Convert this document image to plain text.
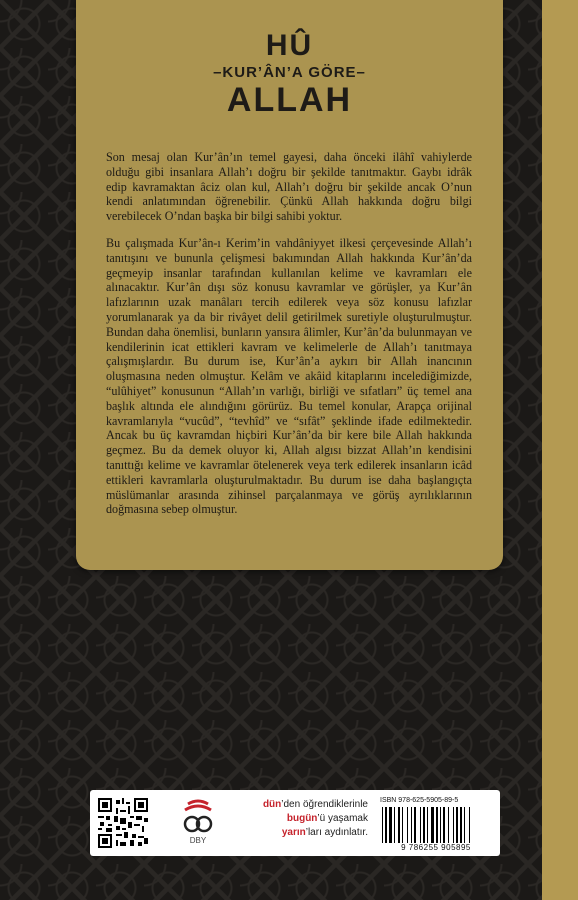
HÛ
–KUR’ÂN’A GÖRE–
ALLAH

Son mesaj olan Kur’ân’ın temel gayesi, daha önceki ilâhî vahiylerde olduğu gibi insanlara Allah’ı doğru bir şekilde tanıtmaktır. Gaybı idrâk edip kavramaktan âciz olan kul, Allah’ı doğru bir şekilde ancak O’nun kendi anlatımından öğrenebilir. Çünkü Allah hakkında doğru bilgi verebilecek O’ndan başka bir bilgi sahibi yoktur.

Bu çalışmada Kur’ân-ı Kerim’in vahdâniyyet ilkesi çerçevesinde Allah’ı tanıtışını ve bununla çelişmesi bakımından Allah hakkında Kur’ân’da geçmeyip insanlar tarafından kullanılan kelime ve kavramları ele alınacaktır. Kur’ân dışı söz konusu kavramlar ve görüşler, ya Kur’ân lafızlarının uzak manâları tercih edilerek veya söz konusu lafızlar yorumlanarak ya da bir rivâyet delil getirilmek suretiyle oluşturulmuştur. Bundan daha önemlisi, bunların yansıra âlimler, Kur’ân’da bulunmayan ve kendilerinin icat ettikleri kavram ve kelimelerle de Allah’ı tanıtmaya çalışmışlardır. Bu durum ise, Kur’ân’a aykırı bir Allah inancının oluşmasına neden olmuştur. Kelâm ve akâid kitaplarını incelediğimizde, “ulûhiyet” konusunun “Allah’ın varlığı, birliği ve sıfatları” üç temel ana başlık altında ele alındığını görürüz. Bu temel konular, Arapça orijinal kavramlarıyla “vucûd”, “tevhîd” ve “sıfât” şeklinde ifade edilmektedir. Ancak bu üç kavramdan hiçbiri Kur’ân’da bir kere bile Allah hakkında geçmez. Bu da demek oluyor ki, Allah algısı bizzat Allah’ın kendisini tanıttığı kelime ve kavramlar ötelenerek veya terk edilerek insanların icâd ettikleri kavramlarla oluşturulmaktadır. Bu durum ise daha başlangıçta müslümanlar arasında zihinsel parçalanmaya ve görüş ayrılıklarının doğmasına sebep olmuştur.

DBY
dün’den öğrendiklerinle
bugün’ü yaşamak
yarın’ları aydınlatır.
ISBN 978-625-5905-89-5
9 786255 905895
